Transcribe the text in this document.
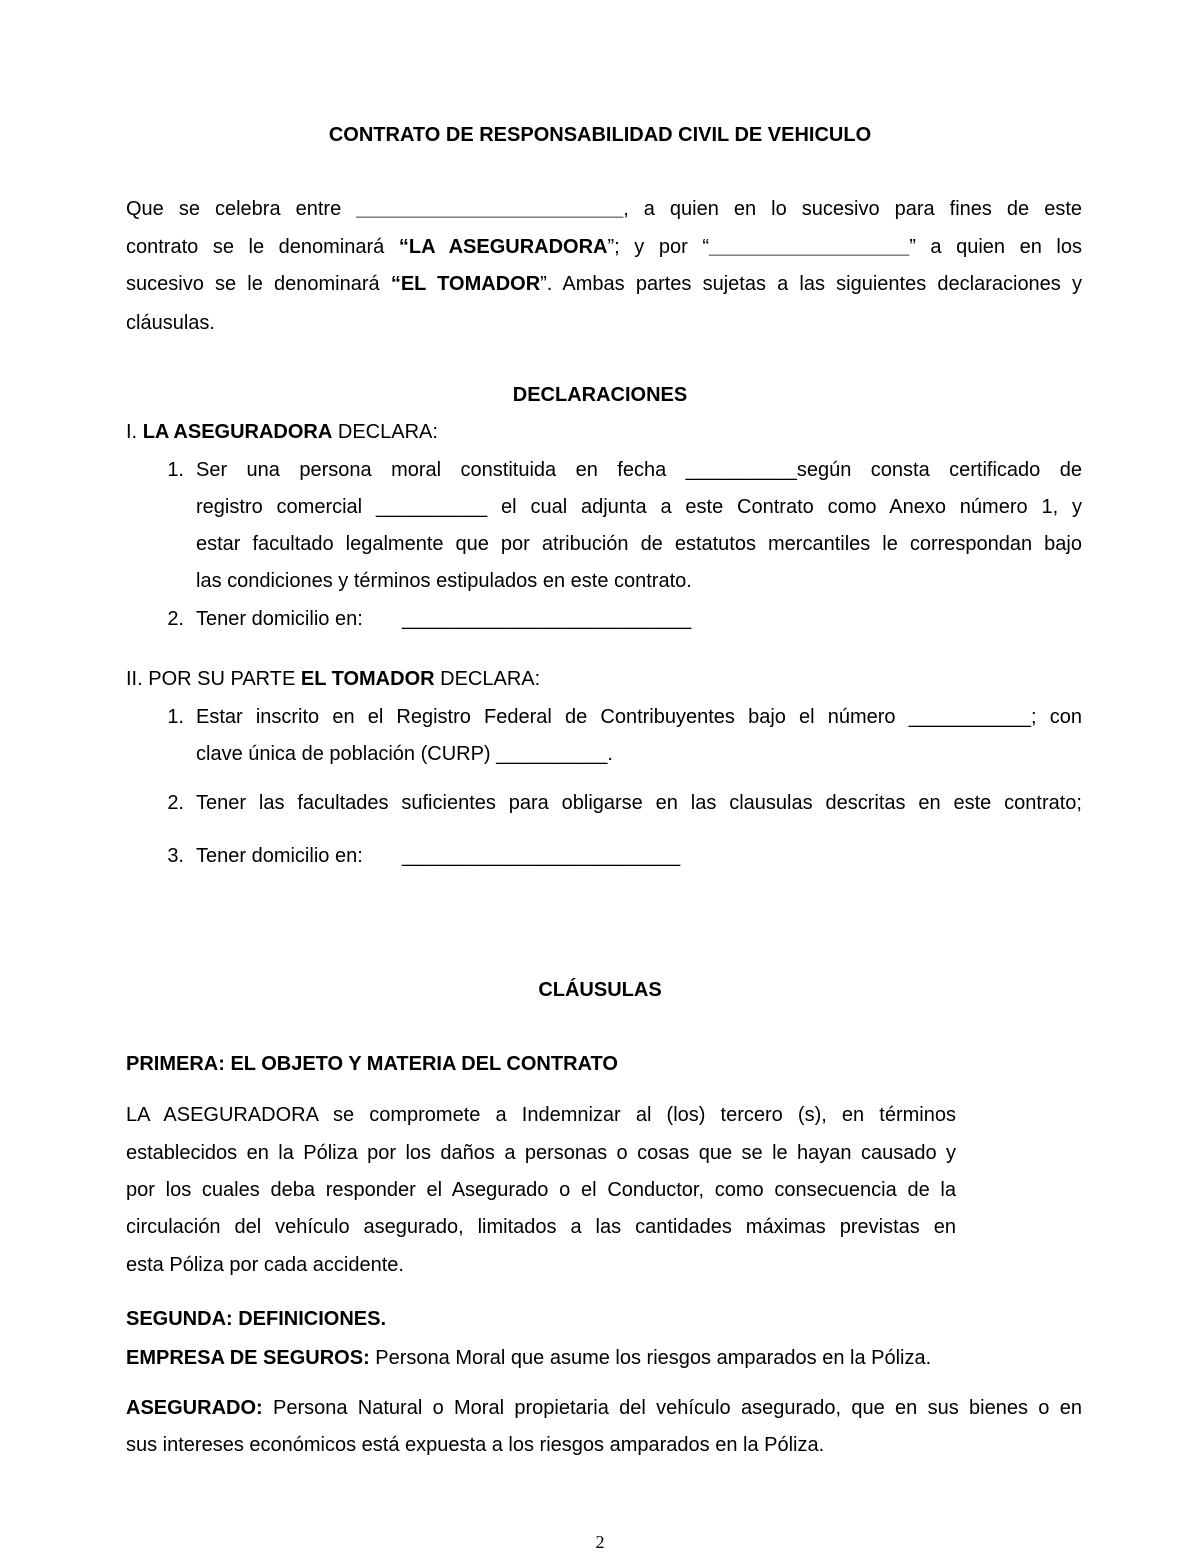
CONTRATO DE RESPONSABILIDAD CIVIL DE VEHICULO
Que se celebra entre ________________________, a quien en lo sucesivo para fines de este
contrato se le denominará “LA ASEGURADORA”; y por “__________________” a quien en los
sucesivo se le denominará “EL TOMADOR”. Ambas partes sujetas a las siguientes declaraciones y
cláusulas.
DECLARACIONES
I. LA ASEGURADORA DECLARA:
1. Ser una persona moral constituida en fecha __________según consta certificado de
registro comercial __________ el cual adjunta a este Contrato como Anexo número 1, y
estar facultado legalmente que por atribución de estatutos mercantiles le correspondan bajo
las condiciones y términos estipulados en este contrato.
2. Tener domicilio en: __________________________
II. POR SU PARTE EL TOMADOR DECLARA:
1. Estar inscrito en el Registro Federal de Contribuyentes bajo el número ___________; con
clave única de población (CURP) __________.
2. Tener las facultades suficientes para obligarse en las clausulas descritas en este contrato;
3. Tener domicilio en: _________________________
CLÁUSULAS
PRIMERA: EL OBJETO Y MATERIA DEL CONTRATO
LA ASEGURADORA se compromete a Indemnizar al (los) tercero (s), en términos
establecidos en la Póliza por los daños a personas o cosas que se le hayan causado y
por los cuales deba responder el Asegurado o el Conductor, como consecuencia de la
circulación del vehículo asegurado, limitados a las cantidades máximas previstas en
esta Póliza por cada accidente.
SEGUNDA: DEFINICIONES.
EMPRESA DE SEGUROS: Persona Moral que asume los riesgos amparados en la Póliza.
ASEGURADO: Persona Natural o Moral propietaria del vehículo asegurado, que en sus bienes o en
sus intereses económicos está expuesta a los riesgos amparados en la Póliza.
2
